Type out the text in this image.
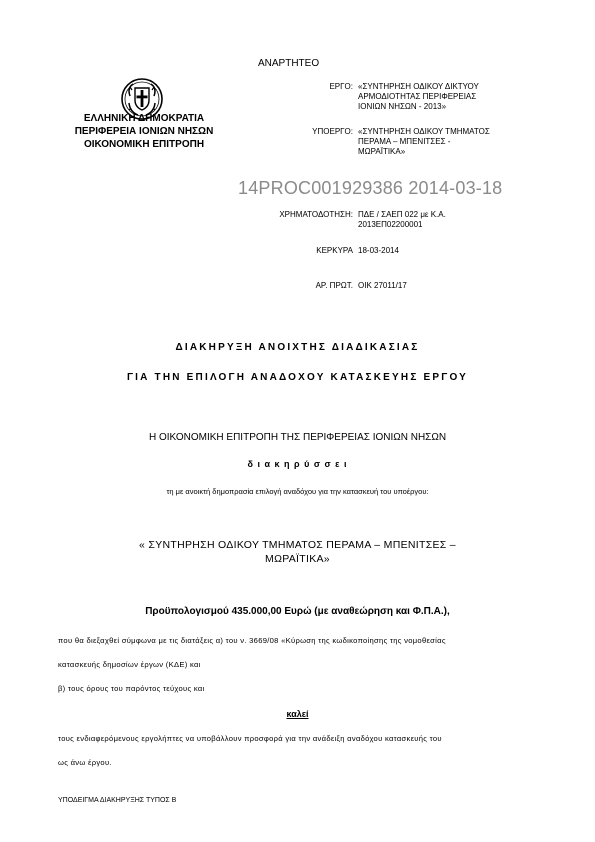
ΕΛΛΗΝΙΚΗ ΔΗΜΟΚΡΑΤΙΑ
ΠΕΡΙΦΕΡΕΙΑ ΙΟΝΙΩΝ ΝΗΣΩΝ
ΟΙΚΟΝΟΜΙΚΗ ΕΠΙΤΡΟΠΗ
ΑΝΑΡΤΗΤΕΟ
ΕΡΓΟ: «ΣΥΝΤΗΡΗΣΗ ΟΔΙΚΟΥ ΔΙΚΤΥΟΥ
ΑΡΜΟΔΙΟΤΗΤΑΣ ΠΕΡΙΦΕΡΕΙΑΣ
ΙΟΝΙΩΝ ΝΗΣΩΝ - 2013»
ΥΠΟΕΡΓΟ: «ΣΥΝΤΗΡΗΣΗ ΟΔΙΚΟΥ ΤΜΗΜΑΤΟΣ
ΠΕΡΑΜΑ – ΜΠΕΝΙΤΣΕΣ -
ΜΩΡΑΪΤΙΚΑ»
14PROC001929386 2014-03-18
ΧΡΗΜΑΤΟΔΟΤΗΣΗ: ΠΔΕ / ΣΑΕΠ 022 με Κ.Α.
2013ΕΠ02200001
ΚΕΡΚΥΡΑ 18-03-2014
ΑΡ. ΠΡΩΤ. ΟΙΚ 27011/17
ΔΙΑΚΗΡΥΞΗ ΑΝΟΙΧΤΗΣ ΔΙΑΔΙΚΑΣΙΑΣ
ΓΙΑ ΤΗΝ ΕΠΙΛΟΓΗ ΑΝΑΔΟΧΟΥ ΚΑΤΑΣΚΕΥΗΣ ΕΡΓΟΥ
Η ΟΙΚΟΝΟΜΙΚΗ ΕΠΙΤΡΟΠΗ ΤΗΣ ΠΕΡΙΦΕΡΕΙΑΣ ΙΟΝΙΩΝ ΝΗΣΩΝ
δ ι α κ η ρ ύ σ σ ε ι
τη με ανοικτή δημοπρασία επιλογή αναδόχου για την κατασκευή του υποέργου:
« ΣΥΝΤΗΡΗΣΗ ΟΔΙΚΟΥ ΤΜΗΜΑΤΟΣ ΠΕΡΑΜΑ – ΜΠΕΝΙΤΣΕΣ –
ΜΩΡΑΪΤΙΚΑ»
Προϋπολογισμού 435.000,00 Ευρώ (με αναθεώρηση και Φ.Π.Α.),
που θα διεξαχθεί σύμφωνα με τις διατάξεις α) του ν. 3669/08 «Κύρωση της κωδικοποίησης της νομοθεσίας
κατασκευής δημοσίων έργων (ΚΔΕ) και
β) τους όρους του παρόντος τεύχους και
καλεί
τους ενδιαφερόμενους εργολήπτες να υποβάλλουν προσφορά για την ανάδειξη αναδόχου κατασκευής του
ως άνω έργου.
ΥΠΟΔΕΙΓΜΑ ΔΙΑΚΗΡΥΞΗΣ ΤΥΠΟΣ Β
